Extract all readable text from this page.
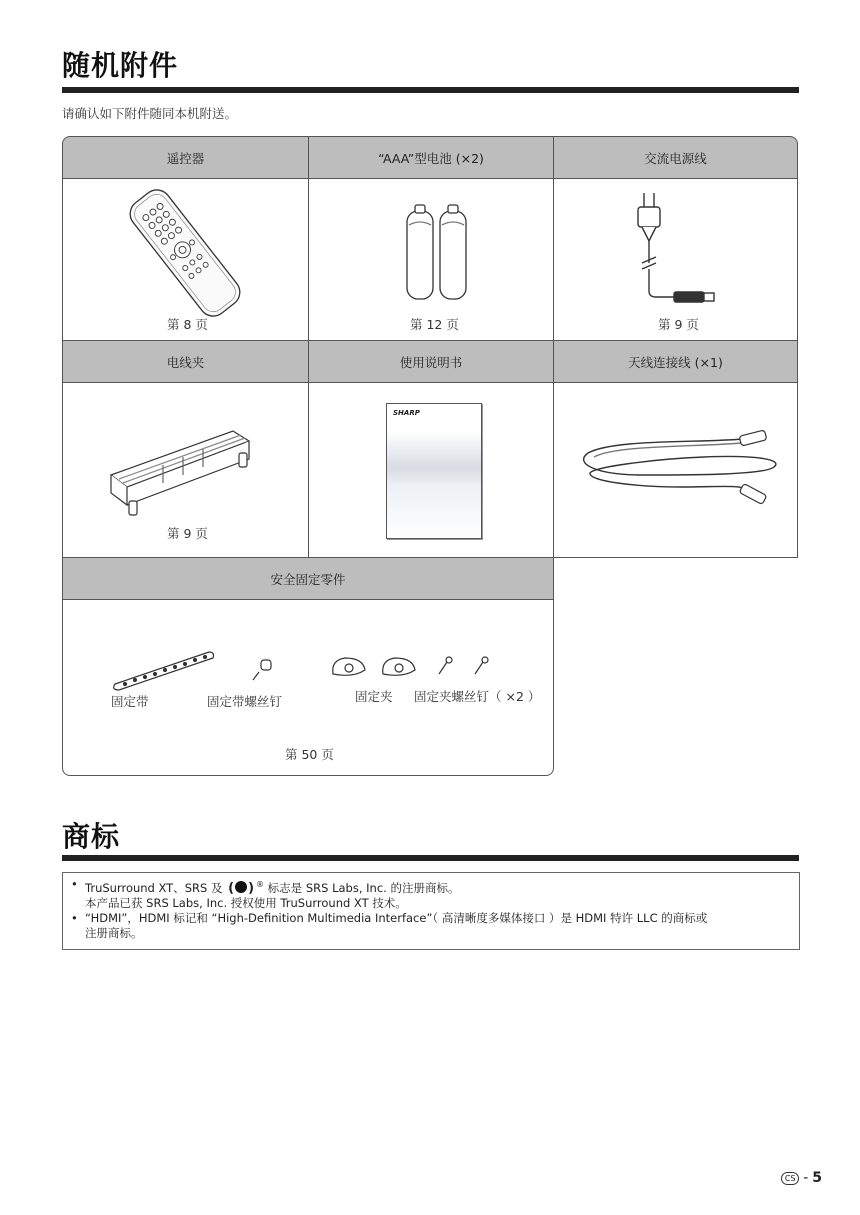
随机附件
请确认如下附件随同本机附送。
遥控器	“AAA”型电池 (×2)	交流电源线
第 8 页	第 12 页	第 9 页
电线夹	使用说明书	天线连接线 (×1)
第 9 页
SHARP
安全固定零件
固定带	固定带螺丝钉	固定夹 固定夹螺丝钉（ ×2 ）
第 50 页
商标
• TruSurround XT、SRS 及 ( ) ® 标志是 SRS Labs, Inc. 的注册商标。
本产品已获 SRS Labs, Inc. 授权使用 TruSurround XT 技术。
• “HDMI”，HDMI 标记和 “High-Definition Multimedia Interface”（ 高清晰度多媒体接口 ）是 HDMI 特许 LLC 的商标或
注册商标。
CS - 5
